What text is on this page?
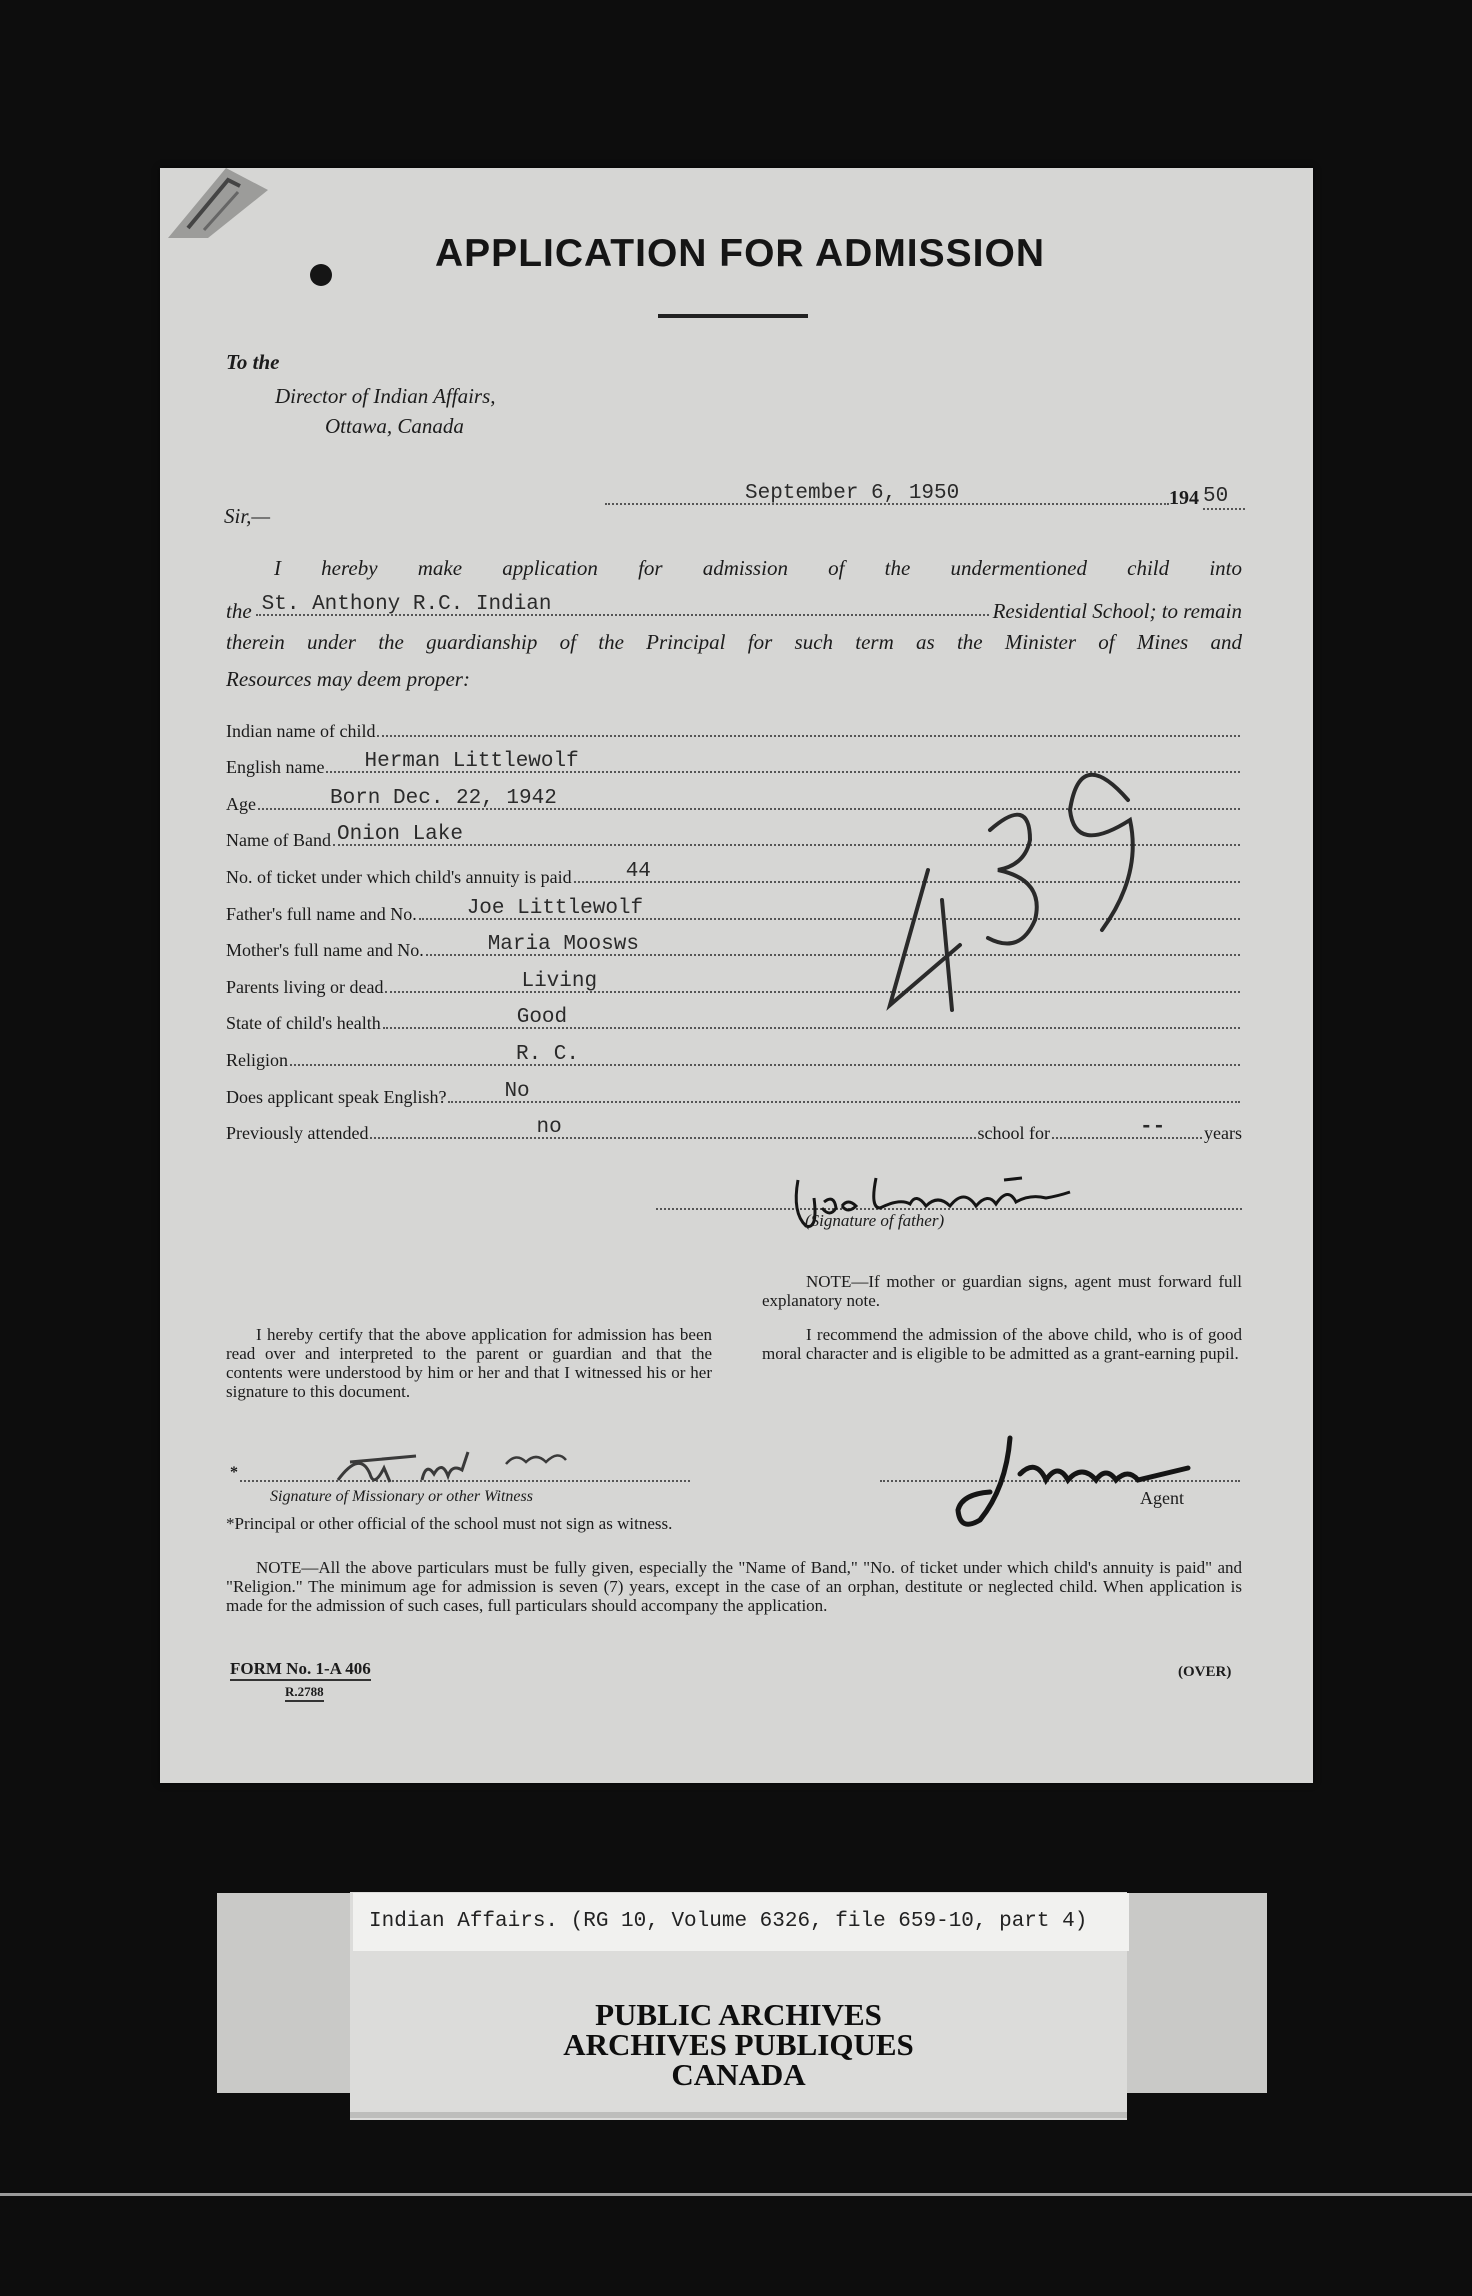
APPLICATION FOR ADMISSION
To the
Director of Indian Affairs,
Ottawa, Canada
September 6, 1950	194 50
Sir,—
I hereby make application for admission of the undermentioned child into
the St. Anthony R.C. Indian	Residential School; to remain
therein under the guardianship of the Principal for such term as the Minister of Mines and
Resources may deem proper:
Indian name of child
English name Herman Littlewolf
Age	Born Dec. 22, 1942
Name of Band Onion Lake
No. of ticket under which child's annuity is paid	44
Father's full name and No. Joe Littlewolf
Mother's full name and No.	Maria Moosws
Parents living or dead	Living
State of child's health	Good
Religion	R. C.
Does applicant speak English?	No
Previously attended	no	school for	-- years
(Signature of father)
NOTE—If mother or guardian signs, agent must forward full explanatory note.
I hereby certify that the above application for admission has been read over and interpreted to the parent or guardian and that the contents were understood by him or her and that I witnessed his or her signature to this document.
I recommend the admission of the above child, who is of good moral character and is eligible to be admitted as a grant-earning pupil.
*
Signature of Missionary or other Witness	Agent
*Principal or other official of the school must not sign as witness.
NOTE—All the above particulars must be fully given, especially the "Name of Band," "No. of ticket under which child's annuity is paid" and "Religion." The minimum age for admission is seven (7) years, except in the case of an orphan, destitute or neglected child. When application is made for the admission of such cases, full particulars should accompany the application.
FORM No. 1-A 406
R.2788
(OVER)
Indian Affairs. (RG 10, Volume 6326, file 659-10, part 4)
PUBLIC ARCHIVES
ARCHIVES PUBLIQUES
CANADA
